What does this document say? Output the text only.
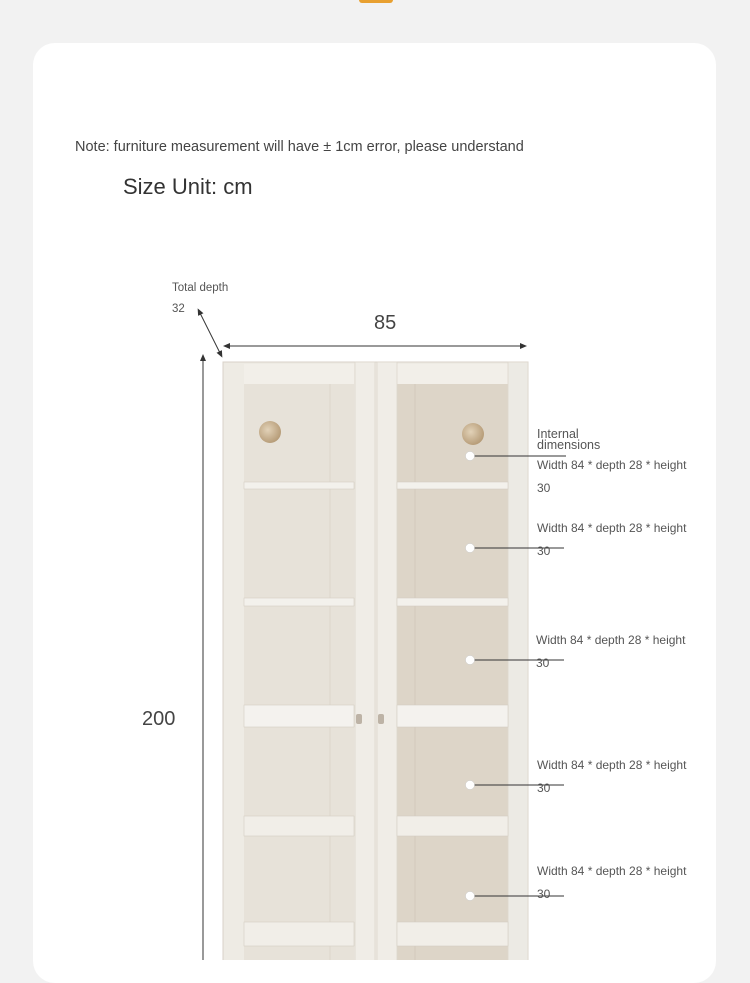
Note: furniture measurement will have ± 1cm error, please understand
Size Unit: cm
Total depth
32
85
200
Internal dimensions
Width 84 * depth 28 * height
30
Width 84 * depth 28 * height
30
Width 84 * depth 28 * height
30
Width 84 * depth 28 * height
30
Width 84 * depth 28 * height
30
